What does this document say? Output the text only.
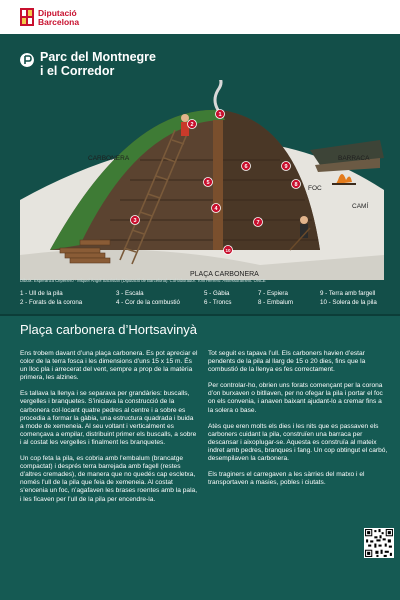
Diputació
Barcelona
Parc del Montnegre
i el Corredor
CARBONERA	BARRACA
FOC
CAMÍ
PLAÇA CARBONERA
1
2
3
4
5
6
7
8
9
10
Dibuix: Esperanza Cepenero · Miquel Àngel Sacristán (Diputació de Barcelona). Col·laborador: Toni Herrero. Assessorament: ONCE
1 - Ull de la pila	3 - Escala	5 - Gàbia	7 - Espiera	9 - Terra amb fargell
2 - Forats de la corona	4 - Cor de la combustió	6 - Troncs	8 - Embalum	10 - Solera de la pila
Plaça carbonera d’Hortsavinyà

Ens trobem davant d’una plaça carbonera. Es pot apreciar el color de la terra fosca i les dimensions d’uns 15 x 15 m. És un lloc pla i arrecerat del vent, sempre a prop de la matèria primera, les alzines.

Es tallava la llenya i se separava per grandàries: buscalls, vergelles i branquetes. S’iniciava la construcció de la carbonera col·locant quatre pedres al centre i a sobre es procedia a formar la gàbia, una estructura quadrada i buida a mode de xemeneia. Al seu voltant i verticalment es començava a empilar, distribuint primer els buscalls, a sobre i al costat les vergelles i finalment les branquetes.

Un cop feta la pila, es cobria amb l’embalum (brancatge compactat) i després terra barrejada amb fagell (restes d’altres cremades), de manera que no quedés cap escletxa, només l’ull de la pila que feia de xemeneia. Al costat s’encenia un foc, n’agafaven les brases roentes amb la pala, i les ficaven per l’ull de la pila per encendre-la.

Tot seguit es tapava l’ull. Els carboners havien d’estar pendents de la pila al llarg de 15 o 20 dies, fins que la combustió de la llenya es fes correctament.

Per controlar-ho, obrien uns forats començant per la corona d’on burxaven o bitllaven, per no ofegar la pila i portar el foc on els convenia, i anaven baixant ajudant-lo a cremar fins a la solera o base.

Atès que eren molts els dies i les nits que es passaven els carboners cuidant la pila, construïen una barraca per descansar i aixoplugar-se. Aquesta es construïa al mateix indret amb pedres, branques i fang. Un cop obtingut el carbó, desempilaven la carbonera.

Els traginers el carregaven a les sàrries del matxo i el transportaven a masies, pobles i ciutats.
